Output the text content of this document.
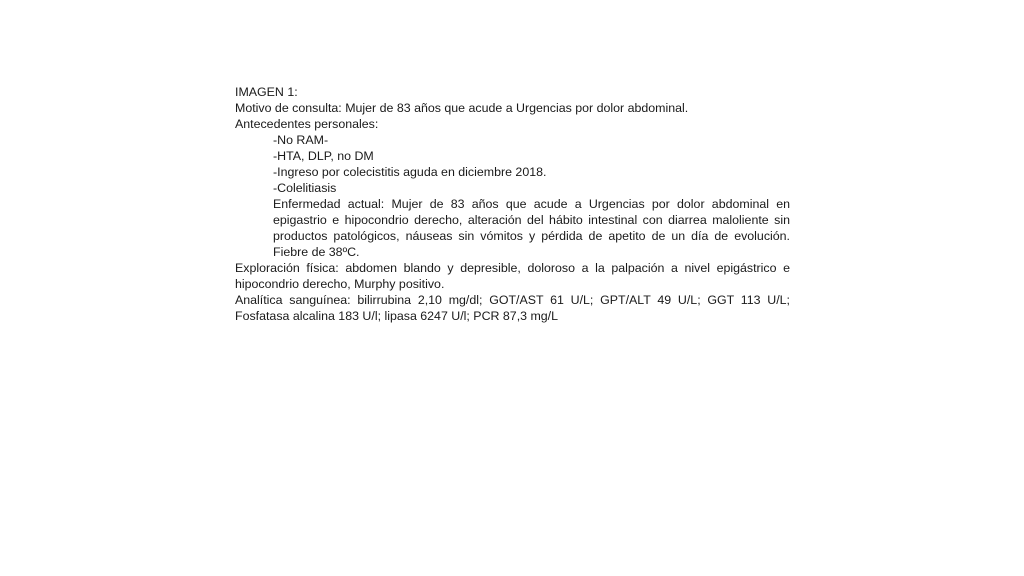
IMAGEN 1:

Motivo de consulta: Mujer de 83 años que acude a Urgencias por dolor abdominal.

Antecedentes personales:

-No RAM-

-HTA, DLP, no DM

-Ingreso por colecistitis aguda en diciembre 2018.

-Colelitiasis

Enfermedad actual: Mujer de 83 años que acude a Urgencias por dolor abdominal en epigastrio e hipocondrio derecho, alteración del hábito intestinal con diarrea maloliente sin productos patológicos, náuseas sin vómitos y pérdida de apetito de un día de evolución. Fiebre de 38ºC.

Exploración física: abdomen blando y depresible, doloroso a la palpación a nivel epigástrico e hipocondrio derecho, Murphy positivo.

Analítica sanguínea: bilirrubina 2,10 mg/dl; GOT/AST 61 U/L; GPT/ALT 49 U/L; GGT 113 U/L; Fosfatasa alcalina 183 U/l; lipasa 6247 U/l; PCR 87,3 mg/L
